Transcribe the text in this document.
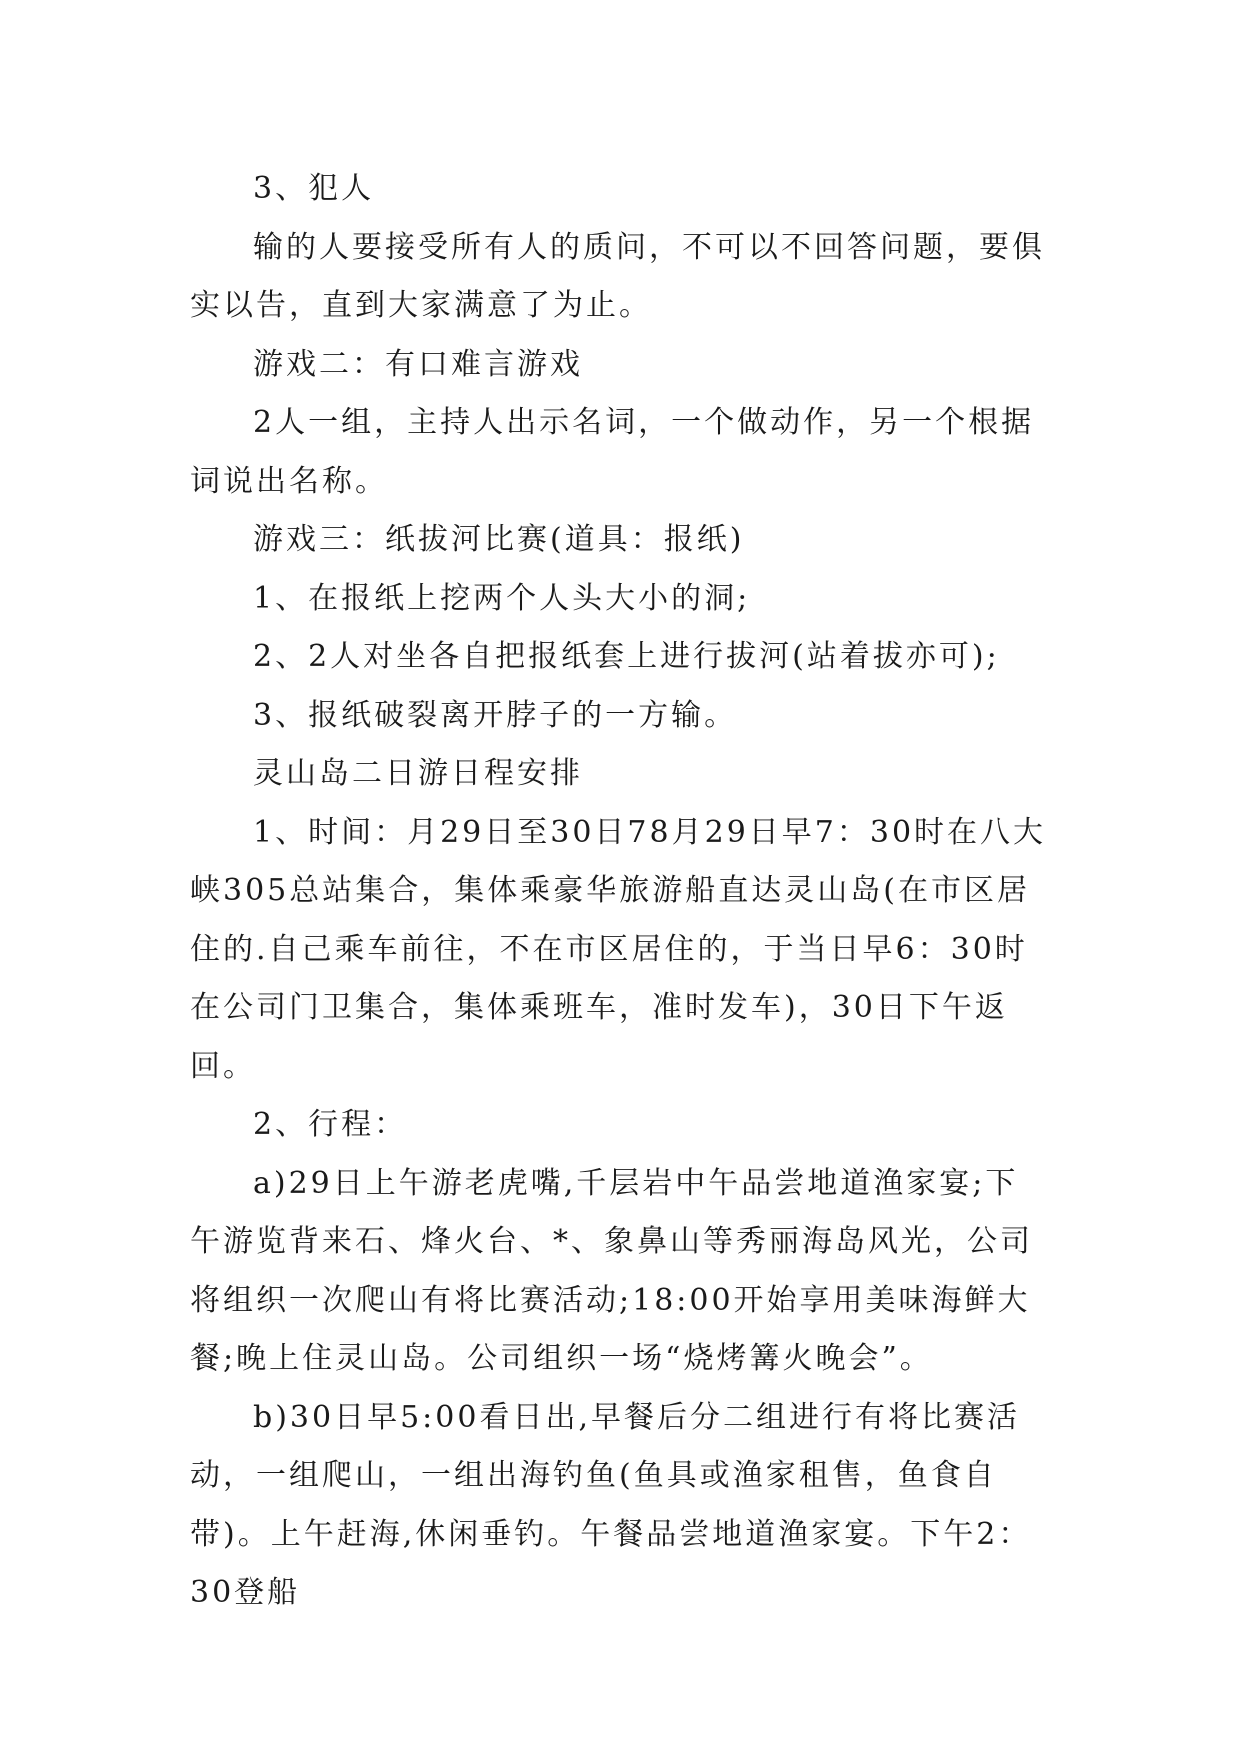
3、犯人

输的人要接受所有人的质问，不可以不回答问题，要俱实以告，直到大家满意了为止。

游戏二：有口难言游戏

2人一组，主持人出示名词，一个做动作，另一个根据词说出名称。

游戏三：纸拔河比赛(道具：报纸)

1、在报纸上挖两个人头大小的洞;

2、2人对坐各自把报纸套上进行拔河(站着拔亦可);

3、报纸破裂离开脖子的一方输。

灵山岛二日游日程安排

1、时间：月29日至30日78月29日早7：30时在八大峡305总站集合，集体乘豪华旅游船直达灵山岛(在市区居住的.自己乘车前往，不在市区居住的，于当日早6：30时在公司门卫集合，集体乘班车，准时发车)，30日下午返回。

2、行程：

a)29日上午游老虎嘴,千层岩中午品尝地道渔家宴;下午游览背来石、烽火台、*、象鼻山等秀丽海岛风光，公司将组织一次爬山有将比赛活动;18:00开始享用美味海鲜大餐;晚上住灵山岛。公司组织一场“烧烤篝火晚会”。

b)30日早5:00看日出,早餐后分二组进行有将比赛活动，一组爬山，一组出海钓鱼(鱼具或渔家租售，鱼食自带)。上午赶海,休闲垂钓。午餐品尝地道渔家宴。下午2：30登船
